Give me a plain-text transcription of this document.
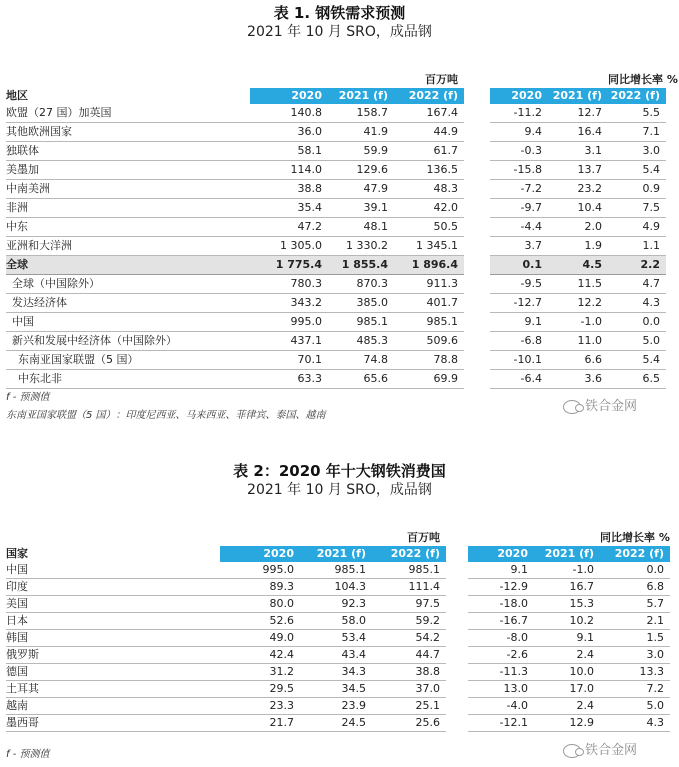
表 1. 钢铁需求预测
2021 年 10 月 SRO，成品钢
			百万吨				同比增长率 %
地区	2020	2021 (f)	2022 (f)		2020	2021 (f)	2022 (f)
欧盟（27 国）加英国	140.8	158.7	167.4		-11.2	12.7	5.5
其他欧洲国家	36.0	41.9	44.9		9.4	16.4	7.1
独联体	58.1	59.9	61.7		-0.3	3.1	3.0
美墨加	114.0	129.6	136.5		-15.8	13.7	5.4
中南美洲	38.8	47.9	48.3		-7.2	23.2	0.9
非洲	35.4	39.1	42.0		-9.7	10.4	7.5
中东	47.2	48.1	50.5		-4.4	2.0	4.9
亚洲和大洋洲	1 305.0	1 330.2	1 345.1		3.7	1.9	1.1
全球	1 775.4	1 855.4	1 896.4		0.1	4.5	2.2
全球（中国除外）	780.3	870.3	911.3		-9.5	11.5	4.7
发达经济体	343.2	385.0	401.7		-12.7	12.2	4.3
中国	995.0	985.1	985.1		9.1	-1.0	0.0
新兴和发展中经济体（中国除外）	437.1	485.3	509.6		-6.8	11.0	5.0
东南亚国家联盟（5 国）	70.1	74.8	78.8		-10.1	6.6	5.4
中东北非	63.3	65.6	69.9		-6.4	3.6	6.5
f - 预测值
东南亚国家联盟（5 国）：印度尼西亚、马来西亚、菲律宾、泰国、越南
铁合金网
表 2：2020 年十大钢铁消费国
2021 年 10 月 SRO，成品钢
			百万吨				同比增长率 %
国家	2020	2021 (f)	2022 (f)		2020	2021 (f)	2022 (f)
中国	995.0	985.1	985.1		9.1	-1.0	0.0
印度	89.3	104.3	111.4		-12.9	16.7	6.8
美国	80.0	92.3	97.5		-18.0	15.3	5.7
日本	52.6	58.0	59.2		-16.7	10.2	2.1
韩国	49.0	53.4	54.2		-8.0	9.1	1.5
俄罗斯	42.4	43.4	44.7		-2.6	2.4	3.0
德国	31.2	34.3	38.8		-11.3	10.0	13.3
土耳其	29.5	34.5	37.0		13.0	17.0	7.2
越南	23.3	23.9	25.1		-4.0	2.4	5.0
墨西哥	21.7	24.5	25.6		-12.1	12.9	4.3
f - 预测值	铁合金网
